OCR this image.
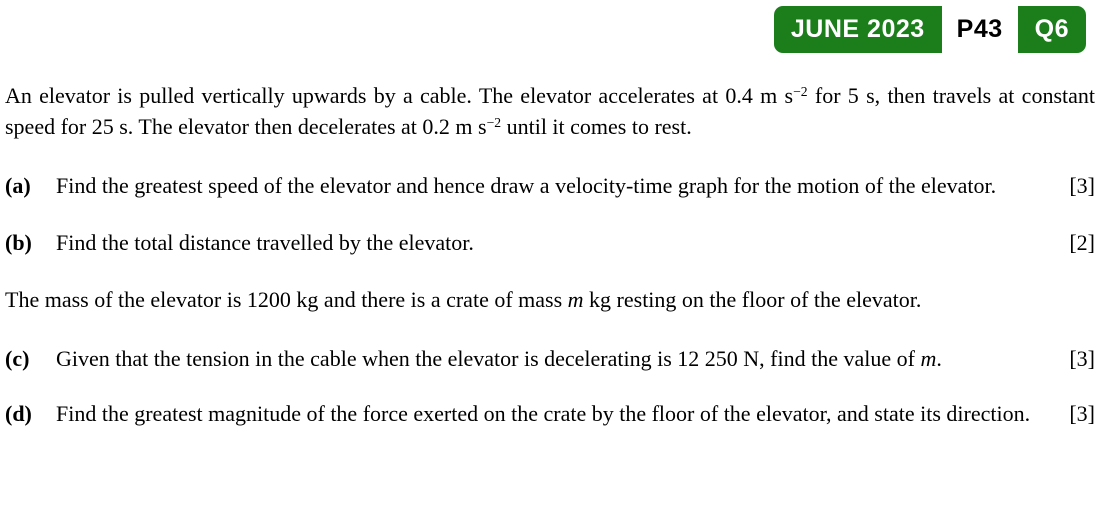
JUNE 2023	P43	Q6

An elevator is pulled vertically upwards by a cable. The elevator accelerates at 0.4 m $s^{-2}$ for 5 s, then travels at constant speed for 25 s. The elevator then decelerates at 0.2 m $s^{-2}$ until it comes to rest.

(a) Find the greatest speed of the elevator and hence draw a velocity-time graph for the motion of the elevator.	[3]
(b) Find the total distance travelled by the elevator.	[2]

The mass of the elevator is 1200 kg and there is a crate of mass m kg resting on the floor of the elevator.

(c) Given that the tension in the cable when the elevator is decelerating is 12 250 N, find the value of m.	[3]
(d) Find the greatest magnitude of the force exerted on the crate by the floor of the elevator, and state its direction. [3]
